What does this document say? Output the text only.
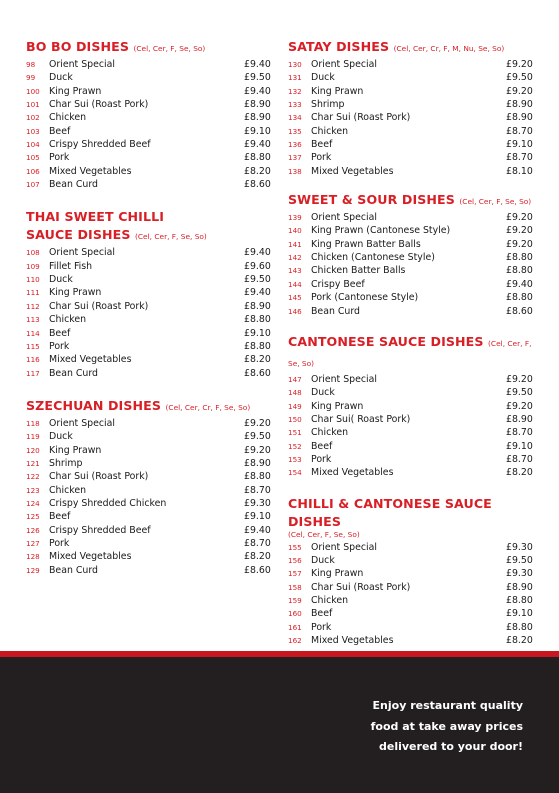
BO BO DISHES (Cel, Cer, F, Se, So)
98	Orient Special	£9.40
99	Duck	£9.50
100 King Prawn	£9.40
101 Char Sui (Roast Pork)	£8.90
102 Chicken	£8.90
103 Beef	£9.10
104 Crispy Shredded Beef	£9.40
105 Pork	£8.80
106 Mixed Vegetables	£8.20
107 Bean Curd	£8.60
THAI SWEET CHILLI
SAUCE DISHES (Cel, Cer, F, Se, So)
108 Orient Special	£9.40
109 Fillet Fish	£9.60
110 Duck	£9.50
111 King Prawn	£9.40
112 Char Sui (Roast Pork)	£8.90
113 Chicken	£8.80
114 Beef	£9.10
115 Pork	£8.80
116 Mixed Vegetables	£8.20
117 Bean Curd	£8.60
SZECHUAN DISHES (Cel, Cer, Cr, F, Se, So)
118 Orient Special	£9.20
119 Duck	£9.50
120 King Prawn	£9.20
121 Shrimp	£8.90
122 Char Sui (Roast Pork)	£8.80
123 Chicken	£8.70
124 Crispy Shredded Chicken	£9.30
125 Beef	£9.10
126 Crispy Shredded Beef	£9.40
127 Pork	£8.70
128 Mixed Vegetables	£8.20
129 Bean Curd	£8.60
SATAY DISHES (Cel, Cer, Cr, F, M, Nu, Se, So)
130 Orient Special	£9.20
131 Duck	£9.50
132 King Prawn	£9.20
133 Shrimp	£8.90
134 Char Sui (Roast Pork)	£8.90
135 Chicken	£8.70
136 Beef	£9.10
137 Pork	£8.70
138 Mixed Vegetables	£8.10
SWEET & SOUR DISHES (Cel, Cer, F, Se, So)
139 Orient Special	£9.20
140 King Prawn (Cantonese Style)	£9.20
141 King Prawn Batter Balls	£9.20
142 Chicken (Cantonese Style)	£8.80
143 Chicken Batter Balls	£8.80
144 Crispy Beef	£9.40
145 Pork (Cantonese Style)	£8.80
146 Bean Curd	£8.60
CANTONESE SAUCE DISHES (Cel, Cer, F, Se, So)
147 Orient Special	£9.20
148 Duck	£9.50
149 King Prawn	£9.20
150 Char Sui( Roast Pork)	£8.90
151 Chicken	£8.70
152 Beef	£9.10
153 Pork	£8.70
154 Mixed Vegetables	£8.20
CHILLI & CANTONESE SAUCE DISHES
(Cel, Cer, F, Se, So)
155 Orient Special	£9.30
156 Duck	£9.50
157 King Prawn	£9.30
158 Char Sui (Roast Pork)	£8.90
159 Chicken	£8.80
160 Beef	£9.10
161 Pork	£8.80
162 Mixed Vegetables	£8.20
Enjoy restaurant quality
food at take away prices
delivered to your door!
